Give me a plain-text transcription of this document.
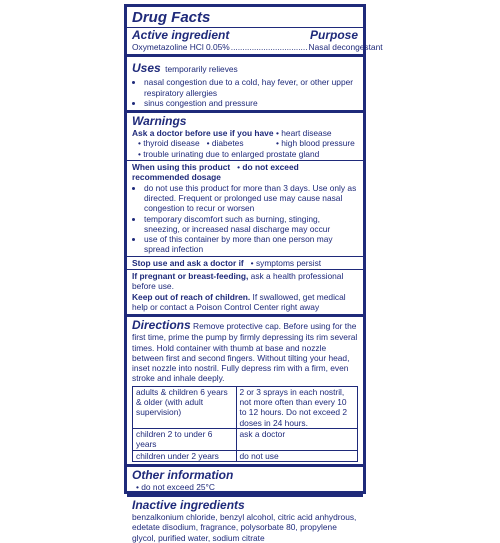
Drug Facts
Active ingredient	Purpose
Oxymetazoline HCl 0.05% ................................. Nasal decongestant
Uses temporarily relieves
• nasal congestion due to a cold, hay fever, or other upper respiratory allergies
• sinus congestion and pressure
Warnings
Ask a doctor before use if you have
• thyroid disease   • diabetes
• heart disease
• high blood pressure
• trouble urinating due to enlarged prostate gland
When using this product   • do not exceed recommended dosage
• do not use this product for more than 3 days. Use only as directed. Frequent or prolonged use may cause nasal congestion to recur or worsen
• temporary discomfort such as burning, stinging, sneezing, or increased nasal discharge may occur
• use of this container by more than one person may spread infection
Stop use and ask a doctor if   • symptoms persist
If pregnant or breast-feeding, ask a health professional before use.
Keep out of reach of children. If swallowed, get medical help or contact a Poison Control Center right away
Directions Remove protective cap. Before using for the first time, prime the pump by firmly depressing its rim several times. Hold container with thumb at base and nozzle between first and second fingers. Without tilting your head, inset nozzle into nostril. Fully depress rim with a firm, even stroke and inhale deeply.
adults & children 6 years & older (with adult supervision)	2 or 3 sprays in each nostril, not more often than every 10 to 12 hours. Do not exceed 2 doses in 24 hours.
children 2 to under 6 years	ask a doctor
children under 2 years	do not use
Other information
• do not exceed 25°C
Inactive ingredients
benzalkonium chloride, benzyl alcohol, citric acid anhydrous, edetate disodium, fragrance, polysorbate 80, propylene glycol, purified water, sodium citrate
